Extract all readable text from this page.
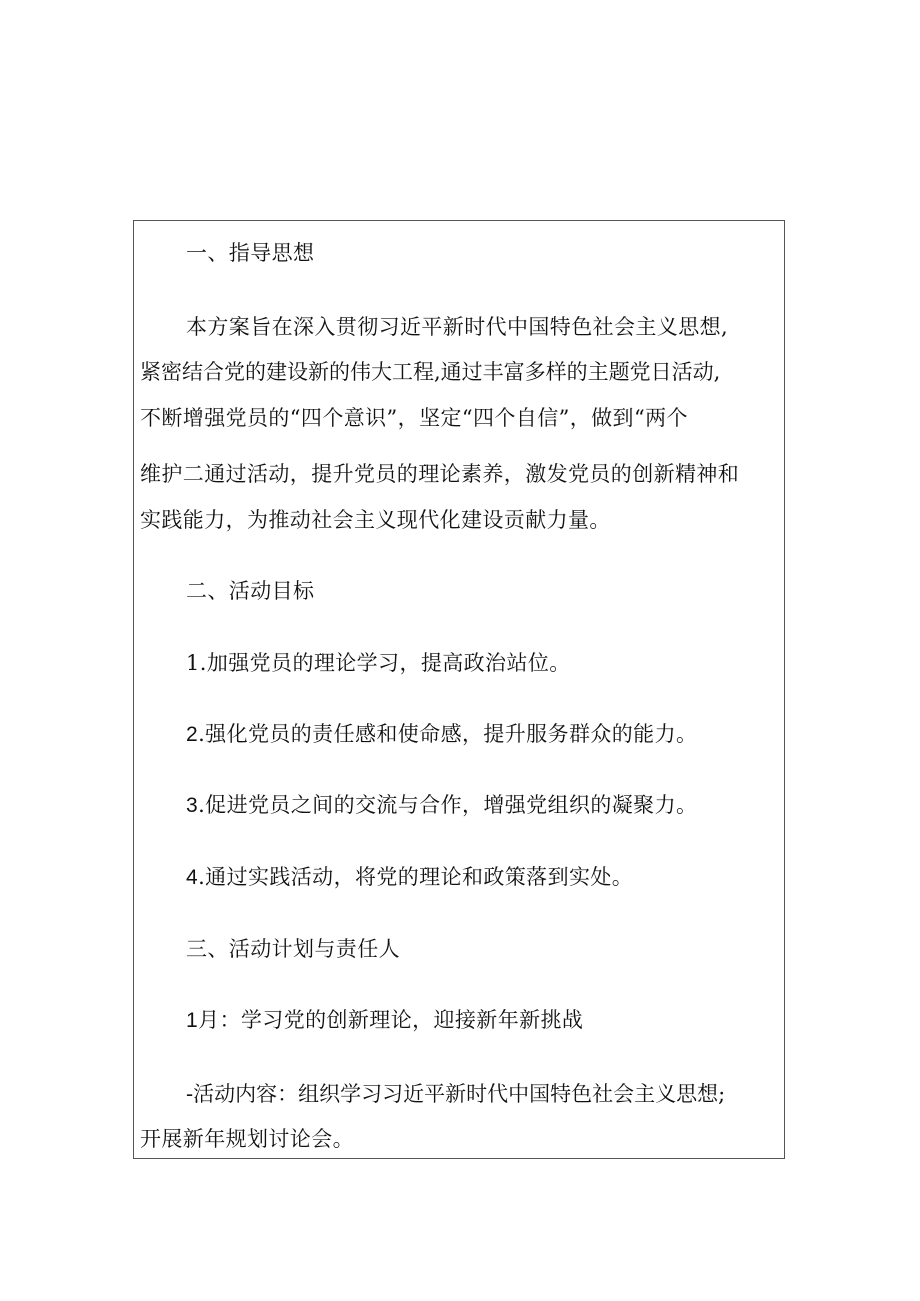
一、指导思想
本方案旨在深入贯彻习近平新时代中国特色社会主义思想,
紧密结合党的建设新的伟大工程,通过丰富多样的主题党日活动,
不断增强党员的“四个意识”，坚定“四个自信”，做到“两个
维护二通过活动，提升党员的理论素养，激发党员的创新精神和
实践能力，为推动社会主义现代化建设贡献力量。
二、活动目标
1.加强党员的理论学习，提高政治站位。
2.强化党员的责任感和使命感，提升服务群众的能力。
3.促进党员之间的交流与合作，增强党组织的凝聚力。
4.通过实践活动，将党的理论和政策落到实处。
三、活动计划与责任人
1月：学习党的创新理论，迎接新年新挑战
-活动内容：组织学习习近平新时代中国特色社会主义思想;
开展新年规划讨论会。
